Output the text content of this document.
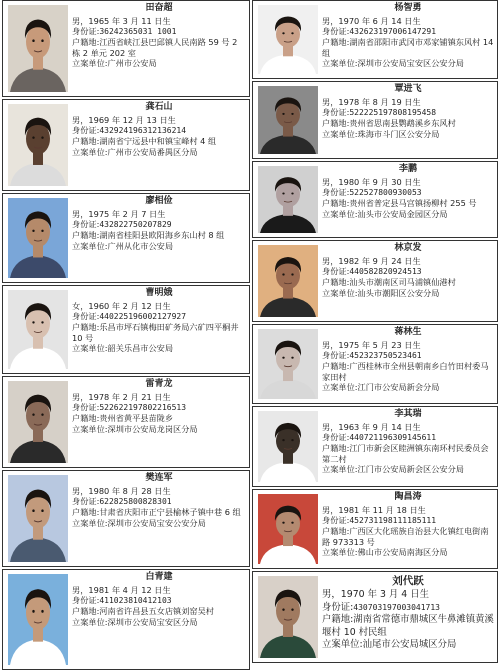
田奋超
男，1965 年 3 月 11 日生
身份证:36242365031 1001
户籍地:江西省峡江县巴邱镇人民南路 59 号 2 栋 2 单元 202 室
立案单位:广州市公安局
龚石山
男，1969 年 12 月 13 日生
身份证:432924196312136214
户籍地:湖南省宁远县中和镇宝峰村 4 组
立案单位:广州市公安局番禺区分局
廖相俭
男，1975 年 2 月 7 日生
身份证:432822750207829
户籍地:湖南省桂阳县欧阳海乡东山村 8 组
立案单位:广州从化市公安局
曹明娥
女，1960 年 2 月 12 日生
身份证:440225196002127927
户籍地:乐昌市坪石镇梅田矿务局六矿四平桐井 10 号
立案单位:韶关乐昌市公安局
雷青龙
男，1978 年 2 月 21 日生
身份证:522622197802216513
户籍地:贵州省黄平县苗陇乡
立案单位:深圳市公安局龙岗区分局
樊连军
男，1980 年 8 月 28 日生
身份证:622825800828301
户籍地:甘肃省庆阳市正宁县榆林子镇中巷 6 组
立案单位:深圳市公安局宝安公安分局
白青建
男，1981 年 4 月 12 日生
身份证:411023810412103
户籍地:河南省许昌县五女店镇刘窑吴村
立案单位:深圳市公安局宝安区分局
杨智勇
男，1970 年 6 月 14 日生
身份证:432623197006147291
户籍地:湖南省邵阳市武冈市邓家铺镇东风村 14 组
立案单位:深圳市公安局宝安区公安分局
覃进飞
男，1978 年 8 月 19 日生
身份证:522225197808195458
户籍地:贵州省思南县鹦鹉溪乡东风村
立案单位:珠海市斗门区公安分局
李鹏
男，1980 年 9 月 30 日生
身份证:522527800930053
户籍地:贵州省普定县马宫镇扬柳村 255 号
立案单位:汕头市公安局金园区分局
林京发
男，1982 年 9 月 24 日生
身份证:440582820924513
户籍地:汕头市潮南区司马浦镇仙港村
立案单位:汕头市潮阳区公安分局
蒋林生
男，1975 年 5 月 23 日生
身份证:452323750523461
户籍地:广西桂林市全州县朝南乡白竹田村委马家田村
立案单位:江门市公安局新会分局
李其瑞
男，1963 年 9 月 14 日生
身份证:440721196309145611
户籍地:江门市新会区睦洲镇东南环村民委员会第二村
立案单位:江门市公安局新会区公安分局
陶昌涛
男，1981 年 11 月 18 日生
身份证:452731198111185111
户籍地:广西区大化瑶族自治县大化镇红电街南路 973313 号
立案单位:佛山市公安局南海区分局
刘代跃
男，1970 年 3 月 4 日生
身份证:430703197003041713
户籍地:湖南省常德市鼎城区牛鼻滩镇黄溪堰村 10 村民组
立案单位:汕尾市公安局城区分局
